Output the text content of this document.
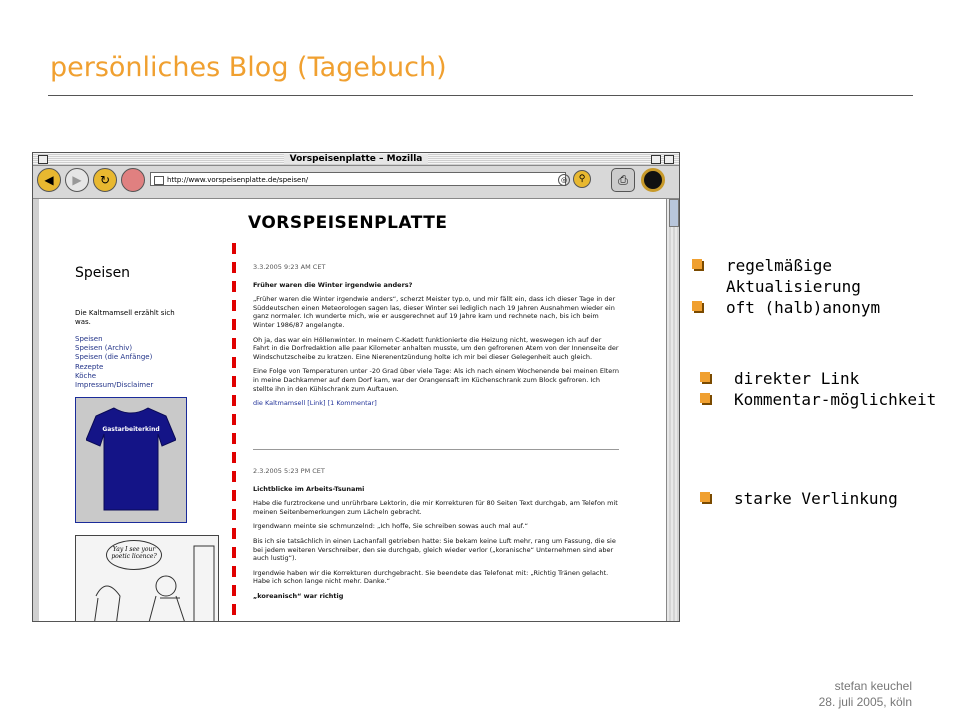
persönliches Blog (Tagebuch)
Vorspeisenplatte – Mozilla
◀	▶	↻	http://www.vorspeisenplatte.de/speisen/	◎	⚲	⎙
VORSPEISENPLATTE
Speisen
Die Kaltmamsell erzählt sich was.
Speisen
Speisen (Archiv)
Speisen (die Anfänge)
Rezepte
Köche
Impressum/Disclaimer
Gastarbeiterkind
Yay I see your poetic licence?
3.3.2005 9:23 AM CET
Früher waren die Winter irgendwie anders?

„Früher waren die Winter irgendwie anders“, scherzt Meister typ.o, und mir fällt ein, dass ich dieser Tage in der Süddeutschen einen Meteorologen sagen las, dieser Winter sei lediglich nach 19 Jahren Ausnahmen wieder ein ganz normaler. Ich wunderte mich, wie er ausgerechnet auf 19 Jahre kam und rechnete nach, bis ich beim Winter 1986/87 angelangte.

Oh ja, das war ein Höllenwinter. In meinem C-Kadett funktionierte die Heizung nicht, weswegen ich auf der Fahrt in die Dorfredaktion alle paar Kilometer anhalten musste, um den gefrorenen Atem von der Innenseite der Windschutzscheibe zu kratzen. Eine Nierenentzündung holte ich mir bei dieser Gelegenheit auch gleich.

Eine Folge von Temperaturen unter -20 Grad über viele Tage: Als ich nach einem Wochenende bei meinen Eltern in meine Dachkammer auf dem Dorf kam, war der Orangensaft im Küchenschrank zum Block gefroren. Ich stellte ihn in den Kühlschrank zum Auftauen.

die Kaltmamsell [Link] [1 Kommentar]

2.3.2005 5:23 PM CET
Lichtblicke im Arbeits-Tsunami

Habe die furztrockene und unrührbare Lektorin, die mir Korrekturen für 80 Seiten Text durchgab, am Telefon mit meinen Seitenbemerkungen zum Lächeln gebracht.

Irgendwann meinte sie schmunzelnd: „Ich hoffe, Sie schreiben sowas auch mal auf.“

Bis ich sie tatsächlich in einen Lachanfall getrieben hatte: Sie bekam keine Luft mehr, rang um Fassung, die sie bei jedem weiteren Verschreiber, den sie durchgab, gleich wieder verlor („koranische“ Unternehmen sind aber auch lustig“).

Irgendwie haben wir die Korrekturen durchgebracht. Sie beendete das Telefonat mit: „Richtig Tränen gelacht. Habe ich schon lange nicht mehr. Danke.“

„koreanisch“ war richtig

regelmäßige Aktualisierung
oft (halb)anonym
direkter Link
Kommentar-möglichkeit
starke Verlinkung
stefan keuchel
28. juli 2005, köln
